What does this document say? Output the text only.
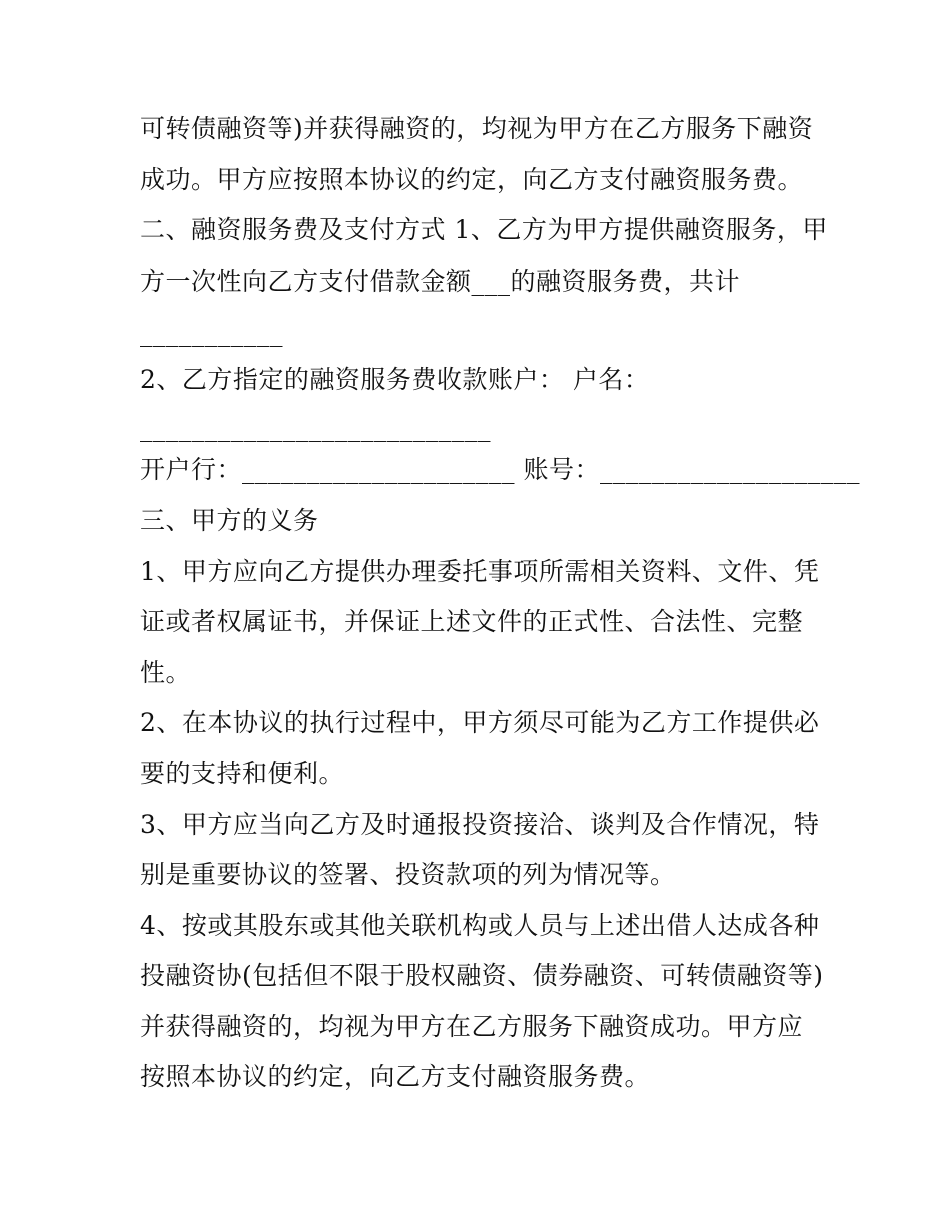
可转债融资等)并获得融资的，均视为甲方在乙方服务下融资
成功。甲方应按照本协议的约定，向乙方支付融资服务费。
二、融资服务费及支付方式 1、乙方为甲方提供融资服务，甲
方一次性向乙方支付借款金额___的融资服务费，共计
___________
2、乙方指定的融资服务费收款账户： 户名：
___________________________
开户行：_____________________ 账号：____________________
三、甲方的义务
1、甲方应向乙方提供办理委托事项所需相关资料、文件、凭
证或者权属证书，并保证上述文件的正式性、合法性、完整
性。
2、在本协议的执行过程中，甲方须尽可能为乙方工作提供必
要的支持和便利。
3、甲方应当向乙方及时通报投资接洽、谈判及合作情况，特
别是重要协议的签署、投资款项的列为情况等。
4、按或其股东或其他关联机构或人员与上述出借人达成各种
投融资协(包括但不限于股权融资、债券融资、可转债融资等)
并获得融资的，均视为甲方在乙方服务下融资成功。甲方应
按照本协议的约定，向乙方支付融资服务费。
